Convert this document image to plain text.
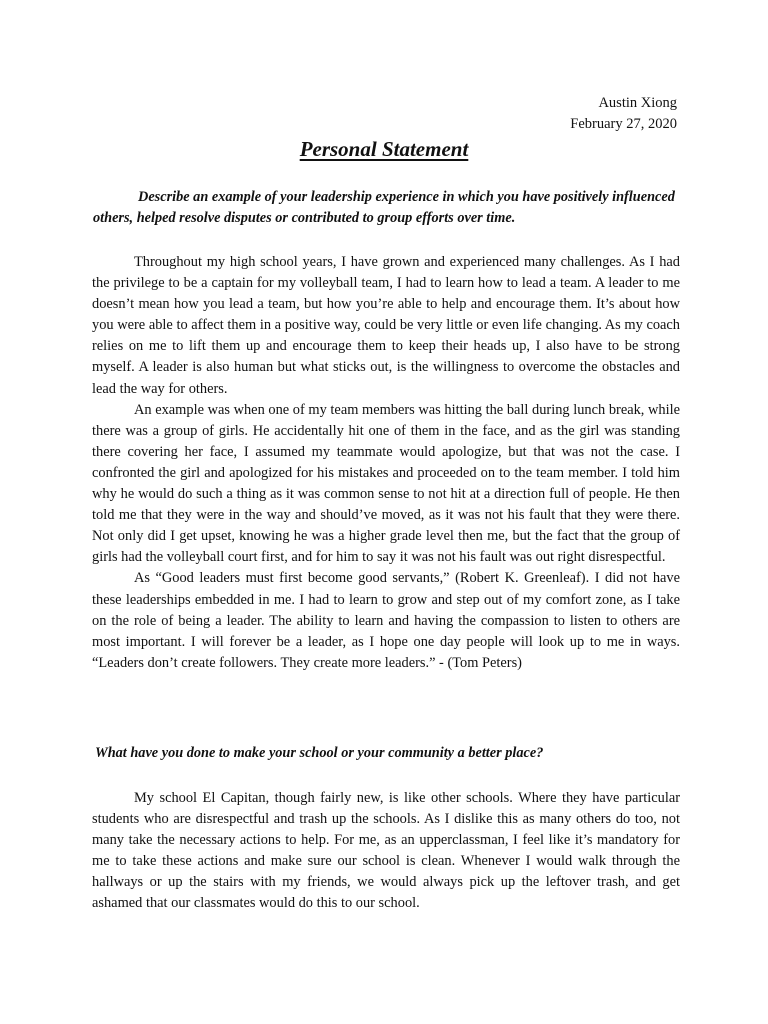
Austin Xiong
February 27, 2020
Personal Statement
Describe an example of your leadership experience in which you have positively influenced others, helped resolve disputes or contributed to group efforts over time.

Throughout my high school years, I have grown and experienced many challenges. As I had the privilege to be a captain for my volleyball team, I had to learn how to lead a team. A leader to me doesn’t mean how you lead a team, but how you’re able to help and encourage them. It’s about how you were able to affect them in a positive way, could be very little or even life changing. As my coach relies on me to lift them up and encourage them to keep their heads up, I also have to be strong myself. A leader is also human but what sticks out, is the willingness to overcome the obstacles and lead the way for others.

An example was when one of my team members was hitting the ball during lunch break, while there was a group of girls. He accidentally hit one of them in the face, and as the girl was standing there covering her face, I assumed my teammate would apologize, but that was not the case. I confronted the girl and apologized for his mistakes and proceeded on to the team member. I told him why he would do such a thing as it was common sense to not hit at a direction full of people. He then told me that they were in the way and should’ve moved, as it was not his fault that they were there. Not only did I get upset, knowing he was a higher grade level then me, but the fact that the group of girls had the volleyball court first, and for him to say it was not his fault was out right disrespectful.

As “Good leaders must first become good servants,” (Robert K. Greenleaf). I did not have these leaderships embedded in me. I had to learn to grow and step out of my comfort zone, as I take on the role of being a leader. The ability to learn and having the compassion to listen to others are most important. I will forever be a leader, as I hope one day people will look up to me in ways. “Leaders don’t create followers. They create more leaders.” - (Tom Peters)

What have you done to make your school or your community a better place?

My school El Capitan, though fairly new, is like other schools. Where they have particular students who are disrespectful and trash up the schools. As I dislike this as many others do too, not many take the necessary actions to help. For me, as an upperclassman, I feel like it’s mandatory for me to take these actions and make sure our school is clean. Whenever I would walk through the hallways or up the stairs with my friends, we would always pick up the leftover trash, and get ashamed that our classmates would do this to our school.
